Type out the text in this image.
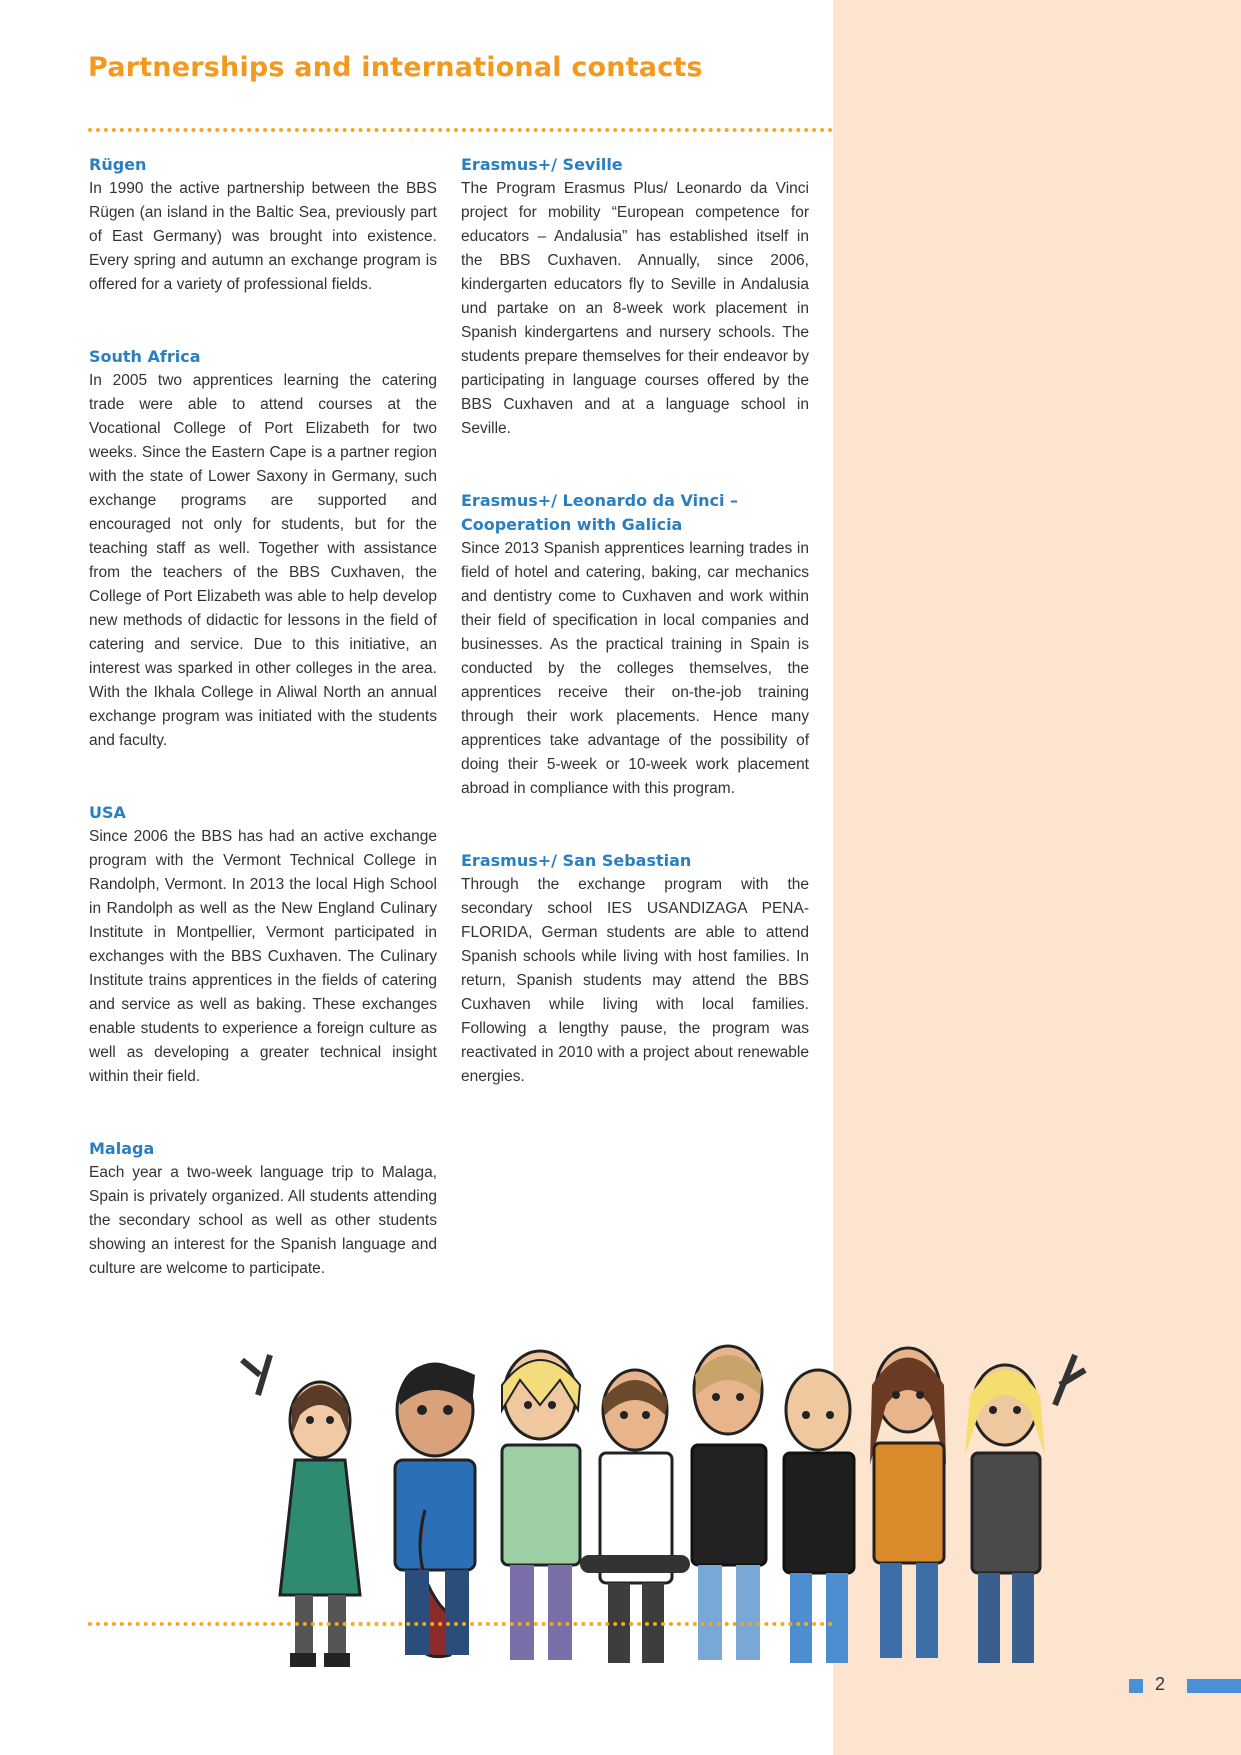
Partnerships and international contacts
Rügen

In 1990 the active partnership between the BBS Rügen (an island in the Baltic Sea, previously part of East Germany) was brought into existence. Every spring and autumn an exchange program is offered for a variety of professional fields.

South Africa

In 2005 two apprentices learning the catering trade were able to attend courses at the Vocational College of Port Elizabeth for two weeks. Since the Eastern Cape is a partner region with the state of Lower Saxony in Germany, such exchange programs are supported and encouraged not only for students, but for the teaching staff as well. Together with assistance from the teachers of the BBS Cuxhaven, the College of Port Elizabeth was able to help develop new methods of didactic for lessons in the field of catering and service. Due to this initiative, an interest was sparked in other colleges in the area. With the Ikhala College in Aliwal North an annual exchange program was initiated with the students and faculty.

USA

Since 2006 the BBS has had an active exchange program with the Vermont Technical College in Randolph, Vermont. In 2013 the local High School in Randolph as well as the New England Culinary Institute in Montpellier, Vermont participated in exchanges with the BBS Cuxhaven. The Culinary Institute trains apprentices in the fields of catering and service as well as baking. These exchanges enable students to experience a foreign culture as well as developing a greater technical insight within their field.

Malaga

Each year a two-week language trip to Malaga, Spain is privately organized. All students attending the secondary school as well as other students showing an interest for the Spanish language and culture are welcome to participate.

Erasmus+/ Seville

The Program Erasmus Plus/ Leonardo da Vinci project for mobility “European competence for educators – Andalusia” has established itself in the BBS Cuxhaven. Annually, since 2006, kindergarten educators fly to Seville in Andalusia und partake on an 8-week work placement in Spanish kindergartens and nursery schools. The students prepare themselves for their endeavor by participating in language courses offered by the BBS Cuxhaven and at a language school in Seville.

Erasmus+/ Leonardo da Vinci – Cooperation with Galicia

Since 2013 Spanish apprentices learning trades in field of hotel and catering, baking, car mechanics and dentistry come to Cuxhaven and work within their field of specification in local companies and businesses. As the practical training in Spain is conducted by the colleges themselves, the apprentices receive their on-the-job training through their work placements. Hence many apprentices take advantage of the possibility of doing their 5-week or 10-week work placement abroad in compliance with this program.

Erasmus+/ San Sebastian

Through the exchange program with the secondary school IES USANDIZAGA PENA-FLORIDA, German students are able to attend Spanish schools while living with host families. In return, Spanish students may attend the BBS Cuxhaven while living with local families. Following a lengthy pause, the program was reactivated in 2010 with a project about renewable energies.

2
